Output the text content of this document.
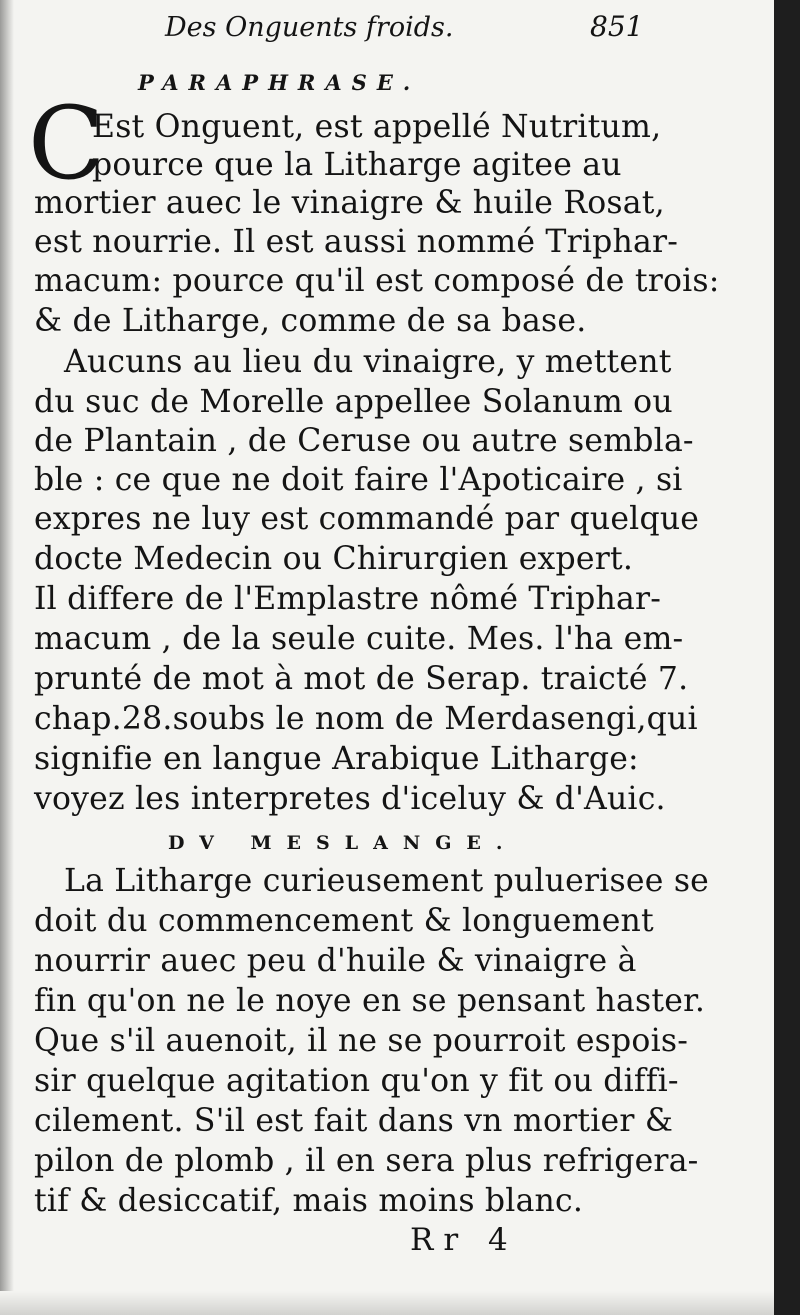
Des Onguents froids.	851
PARAPHRASE.
C
Est Onguent, est appellé Nutritum,
pource que la Litharge agitee au
mortier auec le vinaigre & huile Rosat,
est nourrie. Il est aussi nommé Triphar-
macum: pource qu'il est composé de trois:
& de Litharge, comme de sa base.
Aucuns au lieu du vinaigre, y mettent
du suc de Morelle appellee Solanum ou
de Plantain , de Ceruse ou autre sembla-
ble : ce que ne doit faire l'Apoticaire , si
expres ne luy est commandé par quelque
docte Medecin ou Chirurgien expert.
Il differe de l'Emplastre nômé Triphar-
macum , de la seule cuite. Mes. l'ha em-
prunté de mot à mot de Serap. traicté 7.
chap.28.soubs le nom de Merdasengi,qui
signifie en langue Arabique Litharge:
voyez les interpretes d'iceluy & d'Auic.
DV MESLANGE.
La Litharge curieusement puluerisee se
doit du commencement & longuement
nourrir auec peu d'huile & vinaigre à
fin qu'on ne le noye en se pensant haster.
Que s'il auenoit, il ne se pourroit espois-
sir quelque agitation qu'on y fit ou diffi-
cilement. S'il est fait dans vn mortier &
pilon de plomb , il en sera plus refrigera-
tif & desiccatif, mais moins blanc.
Rr 4
